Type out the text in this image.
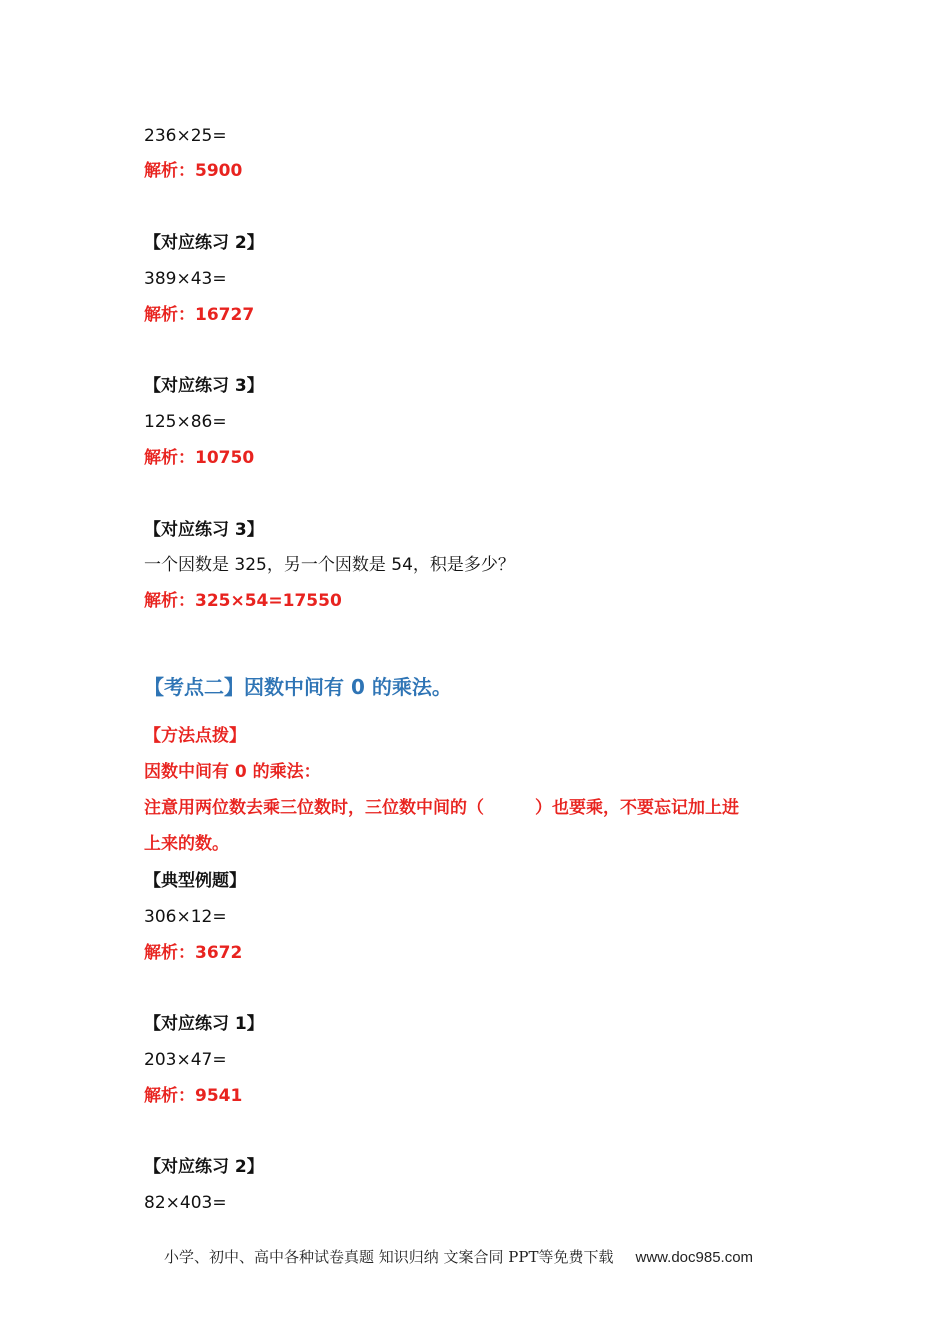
236×25=
解析：5900
【对应练习 2】
389×43=
解析：16727
【对应练习 3】
125×86=
解析：10750
【对应练习 3】
一个因数是 325，另一个因数是 54，积是多少？
解析：325×54=17550
【考点二】因数中间有 0 的乘法。
【方法点拨】
因数中间有 0 的乘法：
注意用两位数去乘三位数时，三位数中间的（　　　）也要乘，不要忘记加上进
上来的数。
【典型例题】
306×12=
解析：3672
【对应练习 1】
203×47=
解析：9541
【对应练习 2】
82×403=
小学、初中、高中各种试卷真题 知识归纳 文案合同 PPT等免费下载 www.doc985.com
